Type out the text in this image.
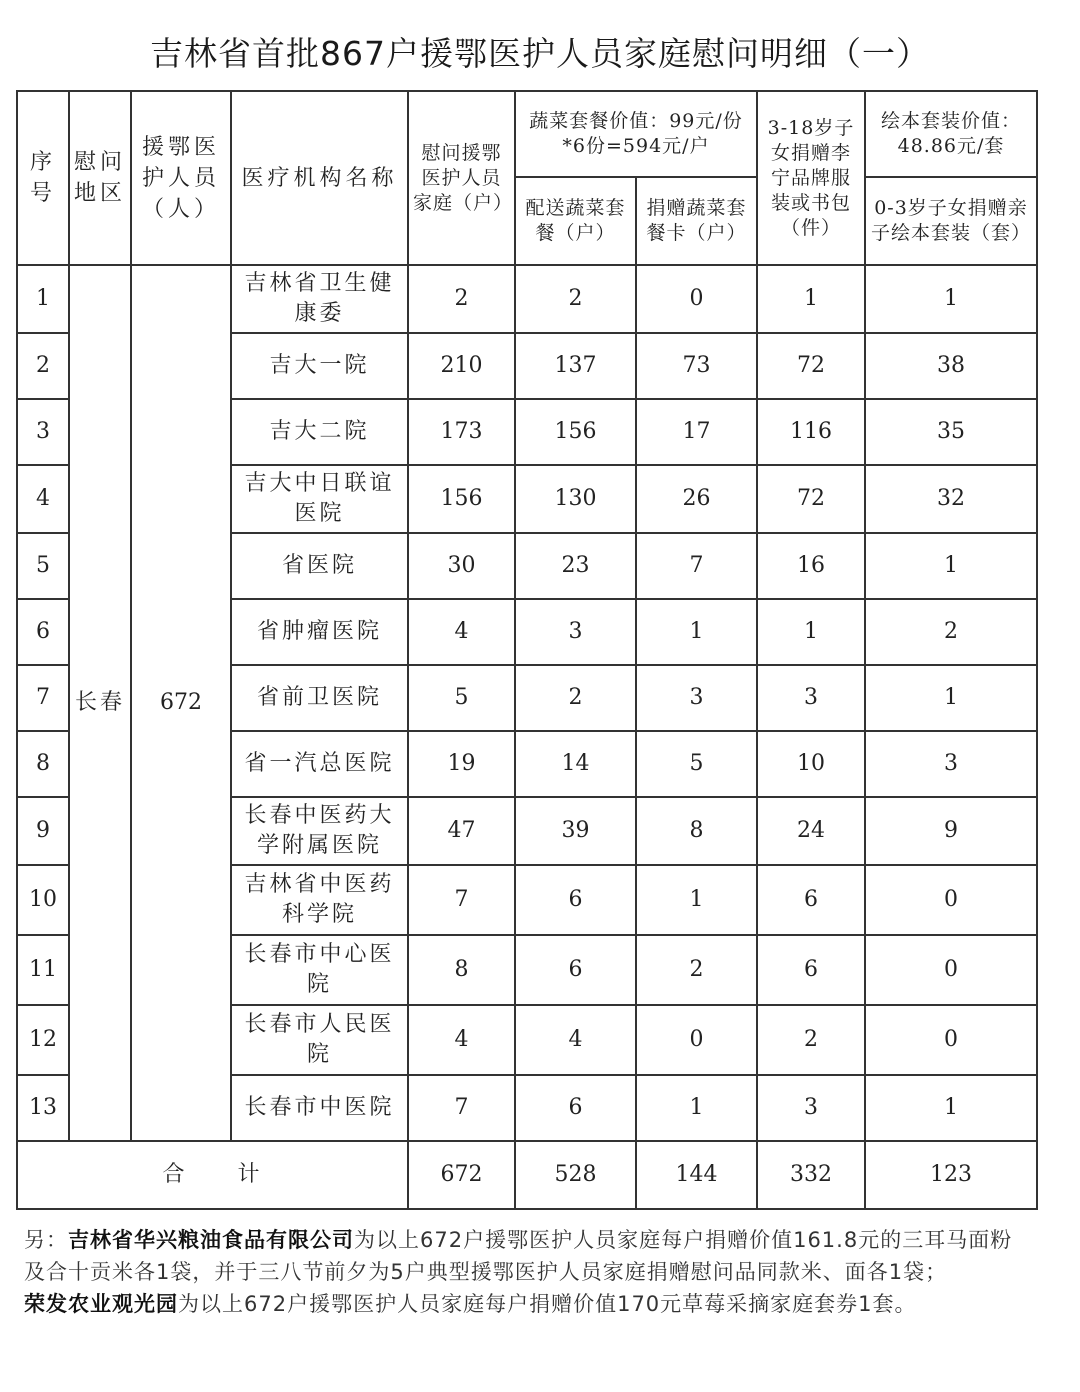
吉林省首批867户援鄂医护人员家庭慰问明细（一）
序号	慰问地区	援鄂医护人员（人）	医疗机构名称	慰问援鄂医护人员家庭（户）	蔬菜套餐价值：99元/份*6份=594元/户		3-18岁子女捐赠李宁品牌服装或书包（件）	绘本套装价值：48.86元/套
					配送蔬菜套餐（户）	捐赠蔬菜套餐卡（户）		0-3岁子女捐赠亲子绘本套装（套）
1	长春	672	吉林省卫生健康委	2	2	0	1	1
2			吉大一院	210	137	73	72	38
3			吉大二院	173	156	17	116	35
4			吉大中日联谊医院	156	130	26	72	32
5			省医院	30	23	7	16	1
6			省肿瘤医院	4	3	1	1	2
7			省前卫医院	5	2	3	3	1
8			省一汽总医院	19	14	5	10	3
9			长春中医药大学附属医院	47	39	8	24	9
10			吉林省中医药科学院	7	6	1	6	0
11			长春市中心医院	8	6	2	6	0
12			长春市人民医院	4	4	0	2	0
13			长春市中医院	7	6	1	3	1
合　　计				672	528	144	332	123

另：吉林省华兴粮油食品有限公司为以上672户援鄂医护人员家庭每户捐赠价值161.8元的三耳马面粉及合十贡米各1袋，并于三八节前夕为5户典型援鄂医护人员家庭捐赠慰问品同款米、面各1袋；

荣发农业观光园为以上672户援鄂医护人员家庭每户捐赠价值170元草莓采摘家庭套券1套。
